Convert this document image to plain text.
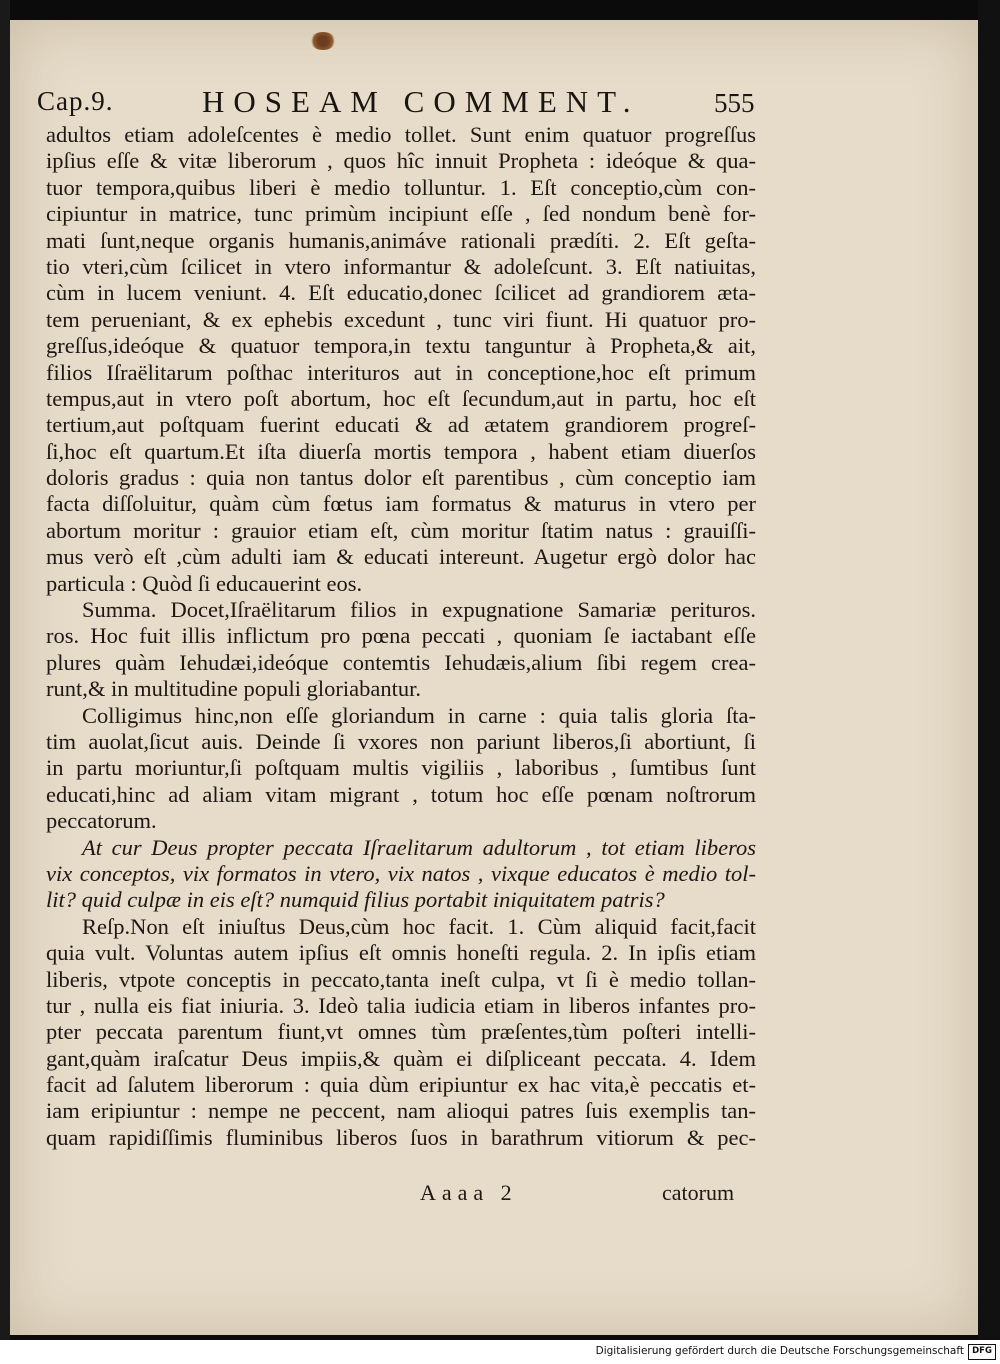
Cap.9.	HOSEAM COMMENT.	555
adultos etiam adoleſcentes è medio tollet. Sunt enim quatuor progreſſus
ipſius eſſe & vitæ liberorum , quos hîc innuit Propheta : ideóque & qua-
tuor tempora,quibus liberi è medio tolluntur. 1. Eſt conceptio,cùm con-
cipiuntur in matrice, tunc primùm incipiunt eſſe , ſed nondum benè for-
mati ſunt,neque organis humanis,animáve rationali prædíti. 2. Eſt geſta-
tio vteri,cùm ſcilicet in vtero informantur & adoleſcunt. 3. Eſt natiuitas,
cùm in lucem veniunt. 4. Eſt educatio,donec ſcilicet ad grandiorem æta-
tem perueniant, & ex ephebis excedunt , tunc viri fiunt. Hi quatuor pro-
greſſus,ideóque & quatuor tempora,in textu tanguntur à Propheta,& ait,
filios Iſraëlitarum poſthac interituros aut in conceptione,hoc eſt primum
tempus,aut in vtero poſt abortum, hoc eſt ſecundum,aut in partu, hoc eſt
tertium,aut poſtquam fuerint educati & ad ætatem grandiorem progreſ-
ſi,hoc eſt quartum.Et iſta diuerſa mortis tempora , habent etiam diuerſos
doloris gradus : quia non tantus dolor eſt parentibus , cùm conceptio iam
facta diſſoluitur, quàm cùm fœtus iam formatus & maturus in vtero per
abortum moritur : grauior etiam eſt, cùm moritur ſtatim natus : grauiſſi-
mus verò eſt ,cùm adulti iam & educati intereunt. Augetur ergò dolor hac
particula : Quòd ſi educauerint eos.
Summa. Docet,Iſraëlitarum filios in expugnatione Samariæ perituros.
ros. Hoc fuit illis inflictum pro pœna peccati , quoniam ſe iactabant eſſe
plures quàm Iehudæi,ideóque contemtis Iehudæis,alium ſibi regem crea-
runt,& in multitudine populi gloriabantur.
Colligimus hinc,non eſſe gloriandum in carne : quia talis gloria ſta-
tim auolat,ſicut auis. Deinde ſi vxores non pariunt liberos,ſi abortiunt, ſi
in partu moriuntur,ſi poſtquam multis vigiliis , laboribus , ſumtibus ſunt
educati,hinc ad aliam vitam migrant , totum hoc eſſe pœnam noſtrorum
peccatorum.
At cur Deus propter peccata Iſraelitarum adultorum , tot etiam liberos
vix conceptos, vix formatos in vtero, vix natos , vixque educatos è medio tol-
lit? quid culpæ in eis eſt? numquid filius portabit iniquitatem patris?
Reſp.Non eſt iniuſtus Deus,cùm hoc facit. 1. Cùm aliquid facit,facit
quia vult. Voluntas autem ipſius eſt omnis honeſti regula. 2. In ipſis etiam
liberis, vtpote conceptis in peccato,tanta ineſt culpa, vt ſi è medio tollan-
tur , nulla eis fiat iniuria. 3. Ideò talia iudicia etiam in liberos infantes pro-
pter peccata parentum fiunt,vt omnes tùm præſentes,tùm poſteri intelli-
gant,quàm iraſcatur Deus impiis,& quàm ei diſpliceant peccata. 4. Idem
facit ad ſalutem liberorum : quia dùm eripiuntur ex hac vita,è peccatis et-
iam eripiuntur : nempe ne peccent, nam alioqui patres ſuis exemplis tan-
quam rapidiſſimis fluminibus liberos ſuos in barathrum vitiorum & pec-
Aaaa 2	catorum
Digitalisierung gefördert durch die Deutsche Forschungsgemeinschaft DFG
